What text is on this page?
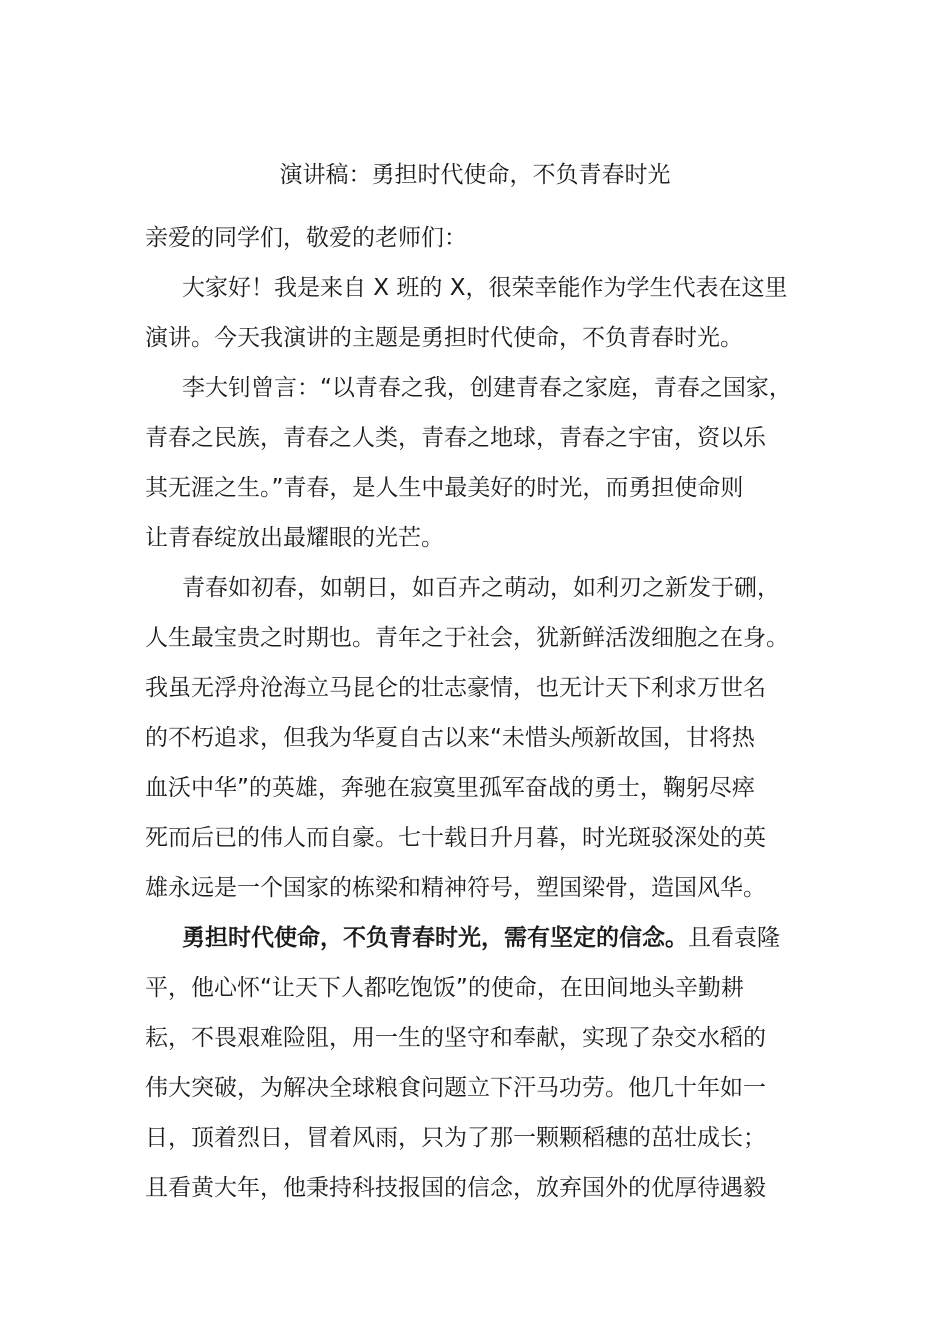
演讲稿：勇担时代使命，不负青春时光
亲爱的同学们，敬爱的老师们：
大家好！我是来自 X 班的 X，很荣幸能作为学生代表在这里
演讲。今天我演讲的主题是勇担时代使命，不负青春时光。
李大钊曾言：“以青春之我，创建青春之家庭，青春之国家，
青春之民族，青春之人类，青春之地球，青春之宇宙，资以乐
其无涯之生。”青春，是人生中最美好的时光，而勇担使命则
让青春绽放出最耀眼的光芒。
青春如初春，如朝日，如百卉之萌动，如利刃之新发于硎，
人生最宝贵之时期也。青年之于社会，犹新鲜活泼细胞之在身。
我虽无浮舟沧海立马昆仑的壮志豪情，也无计天下利求万世名
的不朽追求，但我为华夏自古以来“未惜头颅新故国，甘将热
血沃中华”的英雄，奔驰在寂寞里孤军奋战的勇士，鞠躬尽瘁
死而后已的伟人而自豪。七十载日升月暮，时光斑驳深处的英
雄永远是一个国家的栋梁和精神符号，塑国梁骨，造国风华。
勇担时代使命，不负青春时光，需有坚定的信念。且看袁隆
平，他心怀“让天下人都吃饱饭”的使命，在田间地头辛勤耕
耘，不畏艰难险阻，用一生的坚守和奉献，实现了杂交水稻的
伟大突破，为解决全球粮食问题立下汗马功劳。他几十年如一
日，顶着烈日，冒着风雨，只为了那一颗颗稻穗的茁壮成长；
且看黄大年，他秉持科技报国的信念，放弃国外的优厚待遇毅
